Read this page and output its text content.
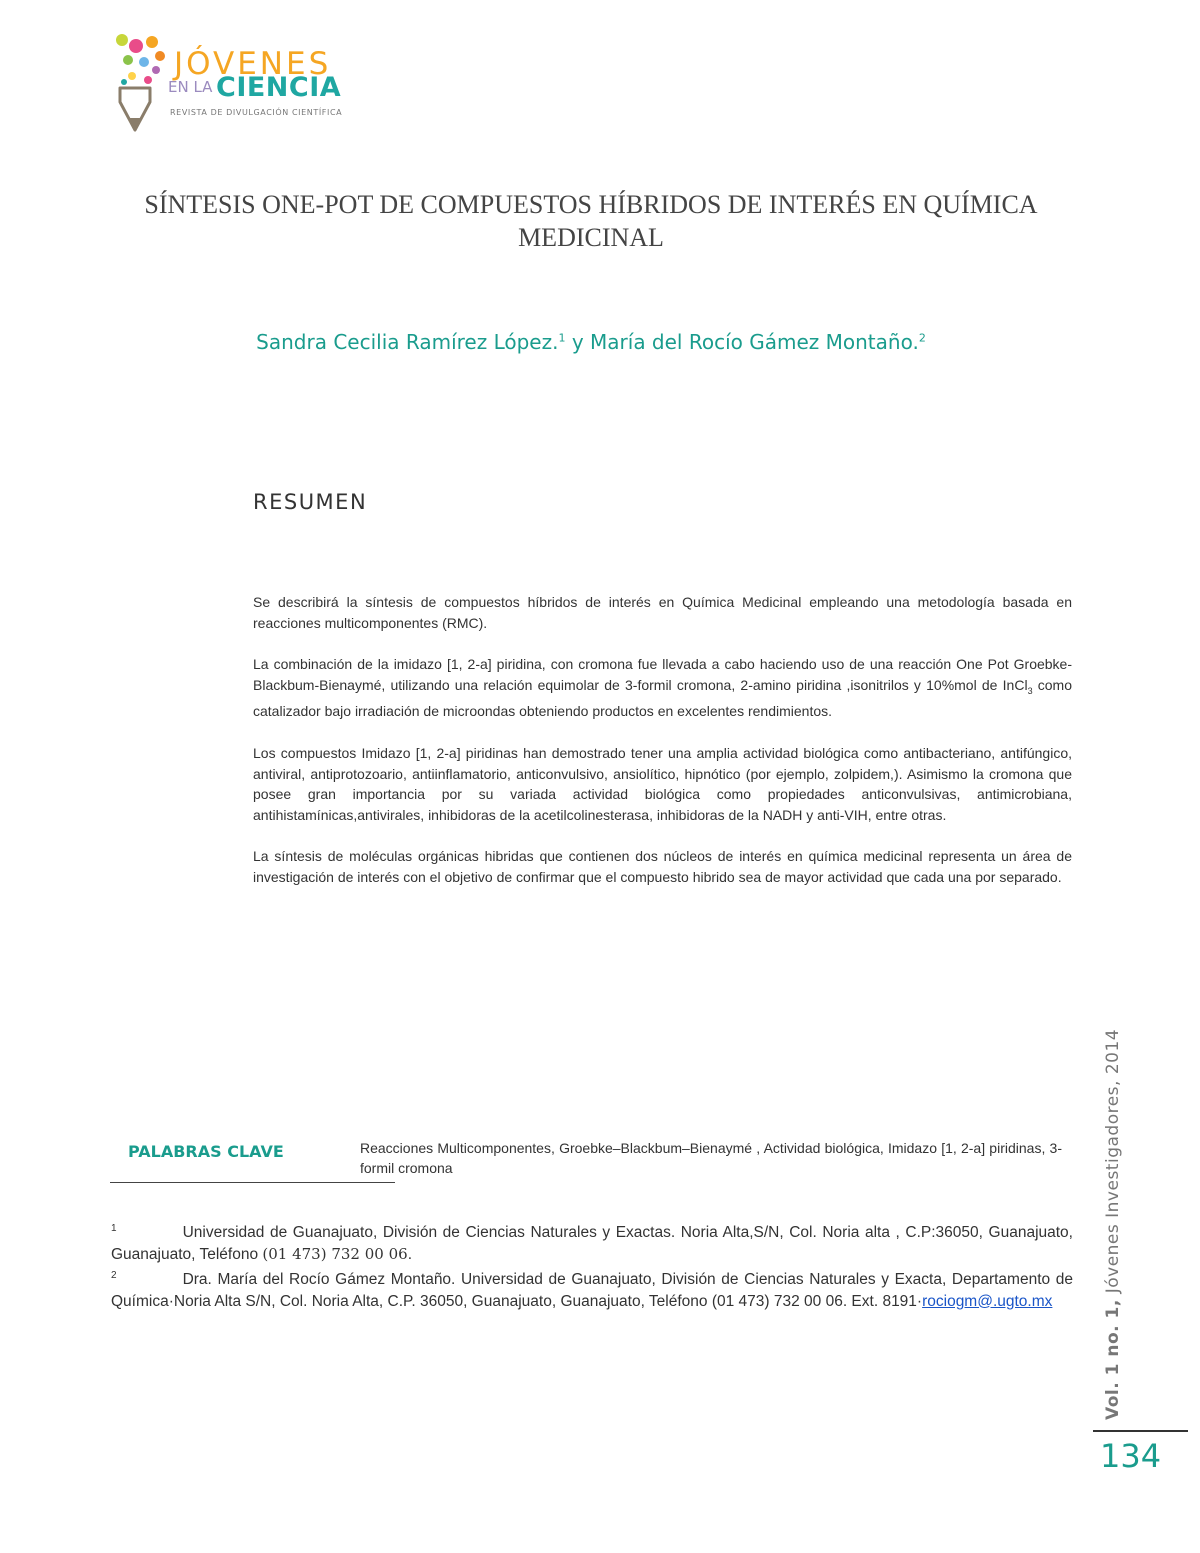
JÓVENES
EN LA CIENCIA
REVISTA DE DIVULGACIÓN CIENTÍFICA
SÍNTESIS ONE-POT DE COMPUESTOS HÍBRIDOS DE INTERÉS EN QUÍMICA
MEDICINAL
Sandra Cecilia Ramírez López.$^1$ y María del Rocío Gámez Montaño.$^2$
RESUMEN

Se describirá la síntesis de compuestos híbridos de interés en Química Medicinal empleando una metodología basada en reacciones multicomponentes (RMC).

La combinación de la imidazo [1, 2-a] piridina, con cromona fue llevada a cabo haciendo uso de una reacción One Pot Groebke-Blackbum-Bienaymé, utilizando una relación equimolar de 3-formil cromona, 2-amino piridina ,isonitrilos y 10%mol de InCl$_3$ como catalizador bajo irradiación de microondas obteniendo productos en excelentes rendimientos.

Los compuestos Imidazo [1, 2-a] piridinas han demostrado tener una amplia actividad biológica como antibacteriano, antifúngico, antiviral, antiprotozoario, antiinflamatorio, anticonvulsivo, ansiolítico, hipnótico (por ejemplo, zolpidem,). Asimismo la cromona que posee gran importancia por su variada actividad biológica como propiedades anticonvulsivas, antimicrobiana, antihistamínicas,antivirales, inhibidoras de la acetilcolinesterasa, inhibidoras de la NADH y anti-VIH, entre otras.

La síntesis de moléculas orgánicas hibridas que contienen dos núcleos de interés en química medicinal representa un área de investigación de interés con el objetivo de confirmar que el compuesto hibrido sea de mayor actividad que cada una por separado.

PALABRAS CLAVE	Reacciones Multicomponentes, Groebke–Blackbum–Bienaymé , Actividad biológica, Imidazo [1, 2-a] piridinas, 3-formil cromona

$^1$	Universidad de Guanajuato, División de Ciencias Naturales y Exactas. Noria Alta,S/N, Col. Noria alta , C.P:36050, Guanajuato, Guanajuato, Teléfono (01 473) 732 00 06.

$^2$	Dra. María del Rocío Gámez Montaño. Universidad de Guanajuato, División de Ciencias Naturales y Exacta, Departamento de Química·Noria Alta S/N, Col. Noria Alta, C.P. 36050, Guanajuato, Guanajuato, Teléfono (01 473) 732 00 06. Ext. 8191·rociogm@.ugto.mx	Vol. 1 no. 1, Jóvenes Investigadores, 2014
134
